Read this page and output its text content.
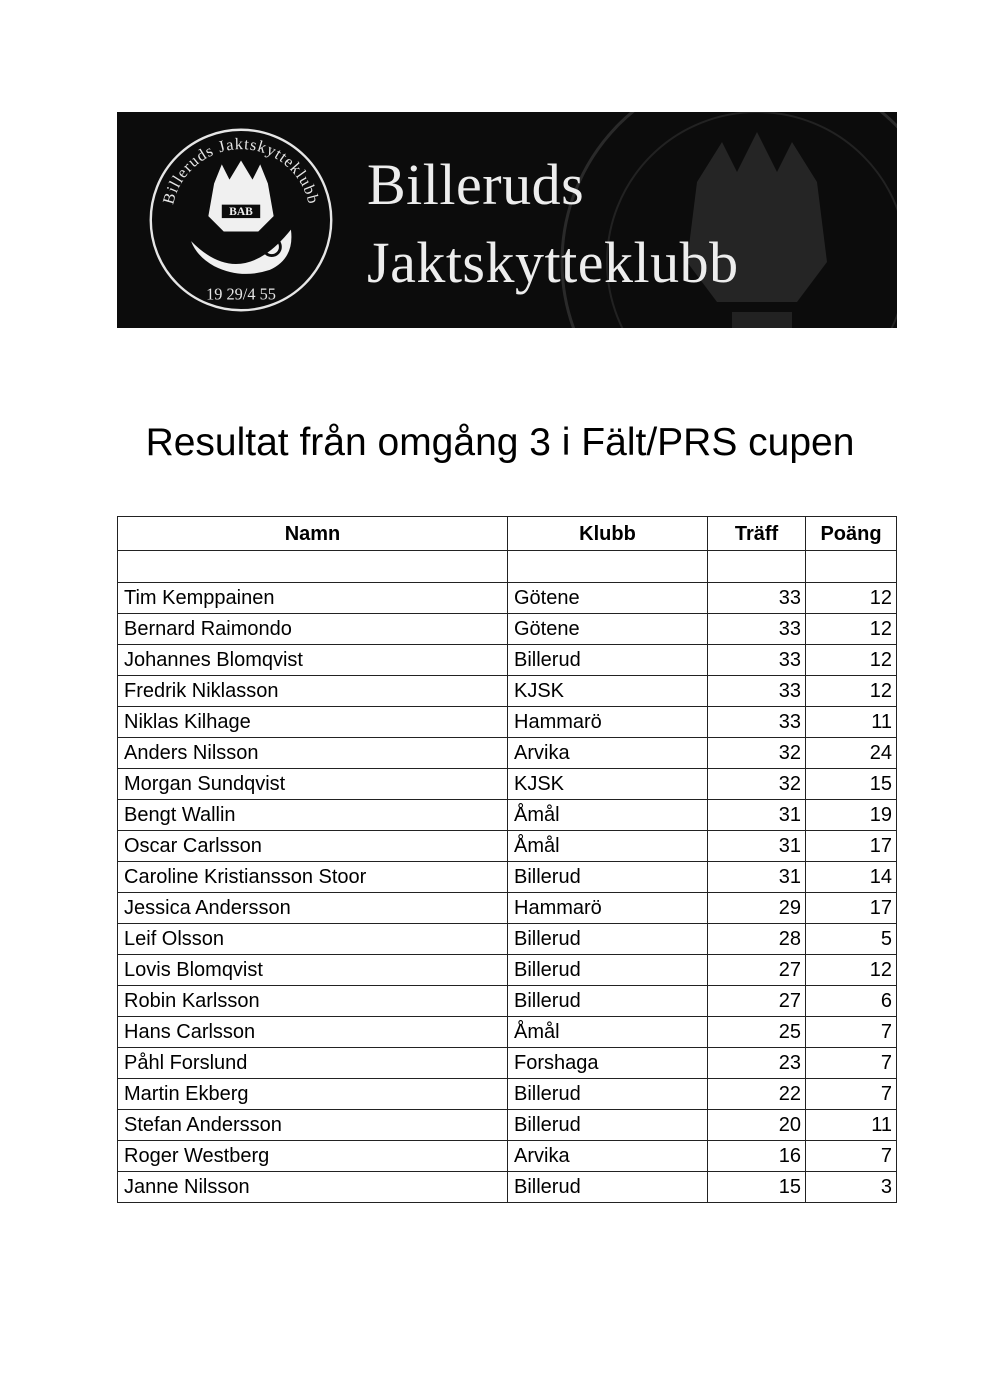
Billeruds Jaktskytteklubb
BAB
19 29/4 55
Billeruds
Jaktskytteklubb
Resultat från omgång 3 i Fält/PRS cupen
Namn	Klubb	Träff	Poäng

Tim Kemppainen	Götene	33	12
Bernard Raimondo	Götene	33	12
Johannes Blomqvist	Billerud	33	12
Fredrik Niklasson	KJSK	33	12
Niklas Kilhage	Hammarö	33	11
Anders Nilsson	Arvika	32	24
Morgan Sundqvist	KJSK	32	15
Bengt Wallin	Åmål	31	19
Oscar Carlsson	Åmål	31	17
Caroline Kristiansson Stoor	Billerud	31	14
Jessica Andersson	Hammarö	29	17
Leif Olsson	Billerud	28	5
Lovis Blomqvist	Billerud	27	12
Robin Karlsson	Billerud	27	6
Hans Carlsson	Åmål	25	7
Påhl Forslund	Forshaga	23	7
Martin Ekberg	Billerud	22	7
Stefan Andersson	Billerud	20	11
Roger Westberg	Arvika	16	7
Janne Nilsson	Billerud	15	3
